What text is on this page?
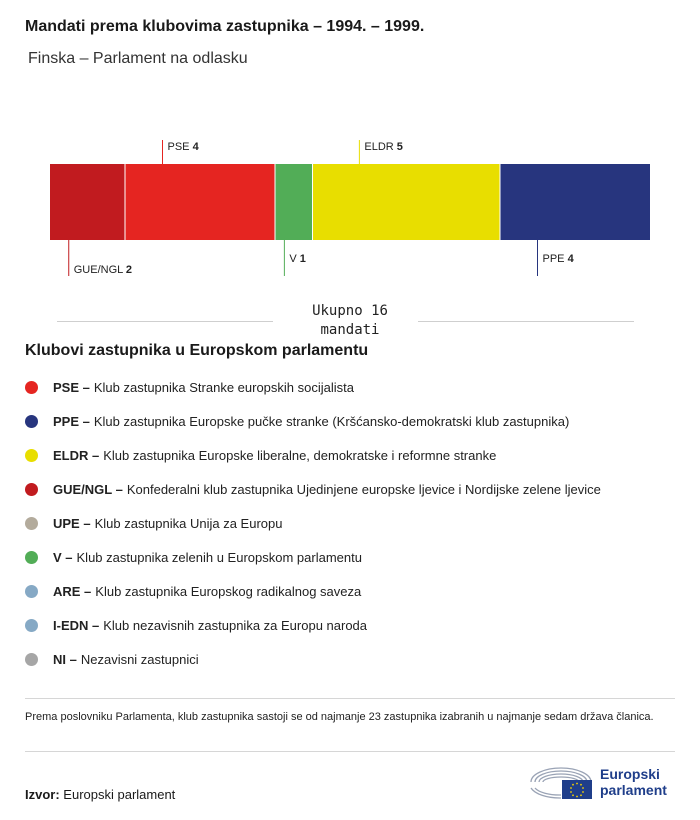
Mandati prema klubovima zastupnika – 1994. – 1999.
Finska – Parlament na odlasku
GUE/NGL 2
PSE 4
V 1
ELDR 5
PPE 4
Ukupno 16
mandati
Klubovi zastupnika u Europskom parlamentu
PSE – Klub zastupnika Stranke europskih socijalista
PPE – Klub zastupnika Europske pučke stranke (Kršćansko-demokratski klub zastupnika)
ELDR – Klub zastupnika Europske liberalne, demokratske i reformne stranke
GUE/NGL – Konfederalni klub zastupnika Ujedinjene europske ljevice i Nordijske zelene ljevice
UPE – Klub zastupnika Unija za Europu
V – Klub zastupnika zelenih u Europskom parlamentu
ARE – Klub zastupnika Europskog radikalnog saveza
I-EDN – Klub nezavisnih zastupnika za Europu naroda
NI – Nezavisni zastupnici
Prema poslovniku Parlamenta, klub zastupnika sastoji se od najmanje 23 zastupnika izabranih u najmanje sedam država članica.
Izvor: Europski parlament
Europski
parlament
